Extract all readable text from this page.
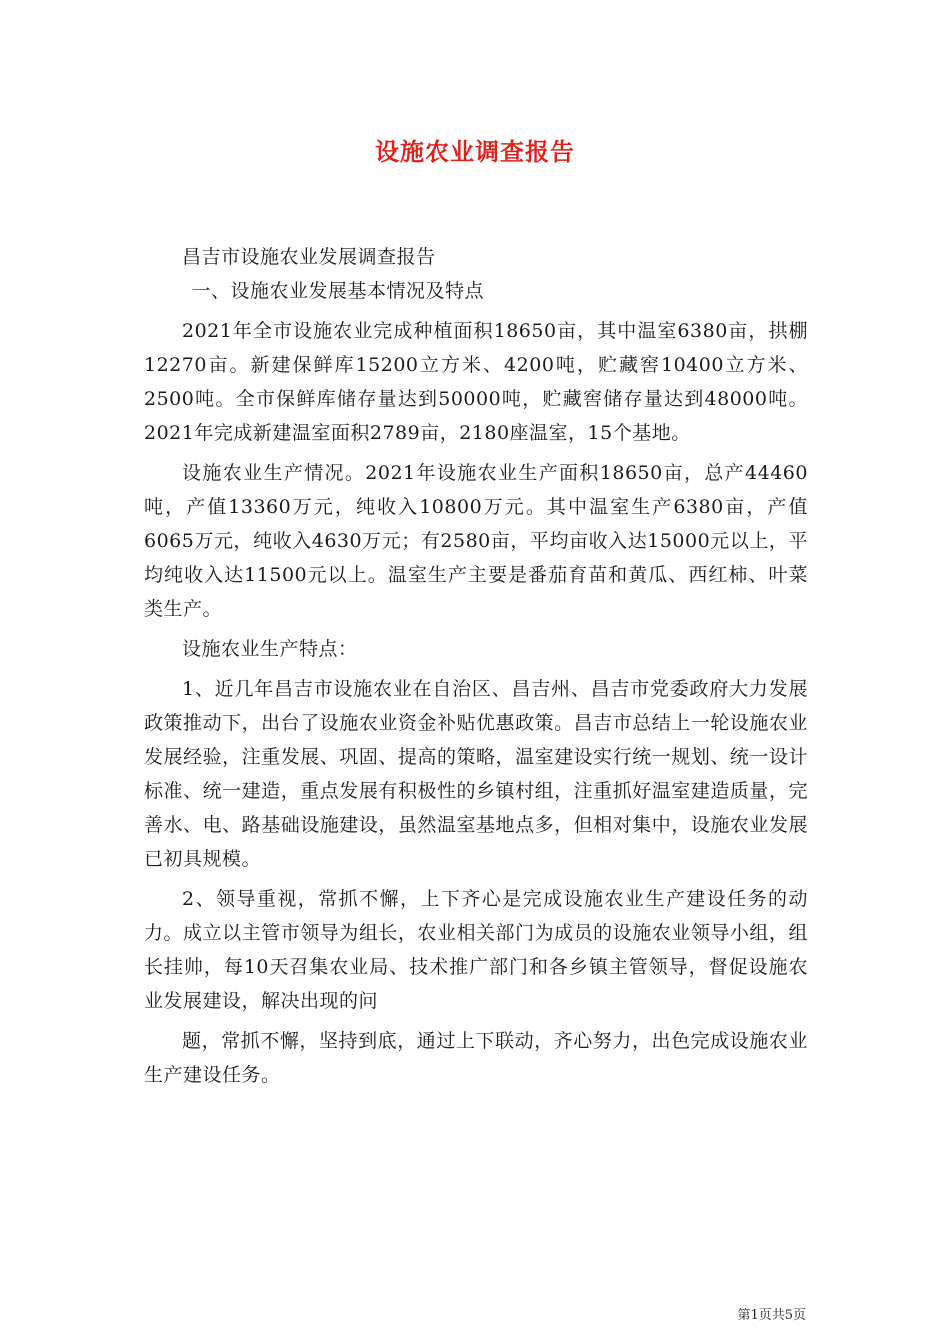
设施农业调查报告

昌吉市设施农业发展调查报告

一、设施农业发展基本情况及特点

2021年全市设施农业完成种植面积18650亩，其中温室6380亩，拱棚12270亩。新建保鲜库15200立方米、4200吨，贮藏窖10400立方米、2500吨。全市保鲜库储存量达到50000吨，贮藏窖储存量达到48000吨。2021年完成新建温室面积2789亩，2180座温室，15个基地。

设施农业生产情况。2021年设施农业生产面积18650亩，总产44460吨，产值13360万元，纯收入10800万元。其中温室生产6380亩，产值6065万元，纯收入4630万元；有2580亩，平均亩收入达15000元以上，平均纯收入达11500元以上。温室生产主要是番茄育苗和黄瓜、西红柿、叶菜类生产。

设施农业生产特点：

1、近几年昌吉市设施农业在自治区、昌吉州、昌吉市党委政府大力发展政策推动下，出台了设施农业资金补贴优惠政策。昌吉市总结上一轮设施农业发展经验，注重发展、巩固、提高的策略，温室建设实行统一规划、统一设计标准、统一建造，重点发展有积极性的乡镇村组，注重抓好温室建造质量，完善水、电、路基础设施建设，虽然温室基地点多，但相对集中，设施农业发展已初具规模。

2、领导重视，常抓不懈，上下齐心是完成设施农业生产建设任务的动力。成立以主管市领导为组长，农业相关部门为成员的设施农业领导小组，组长挂帅，每10天召集农业局、技术推广部门和各乡镇主管领导，督促设施农业发展建设，解决出现的问

题，常抓不懈，坚持到底，通过上下联动，齐心努力，出色完成设施农业生产建设任务。

第1页共5页
